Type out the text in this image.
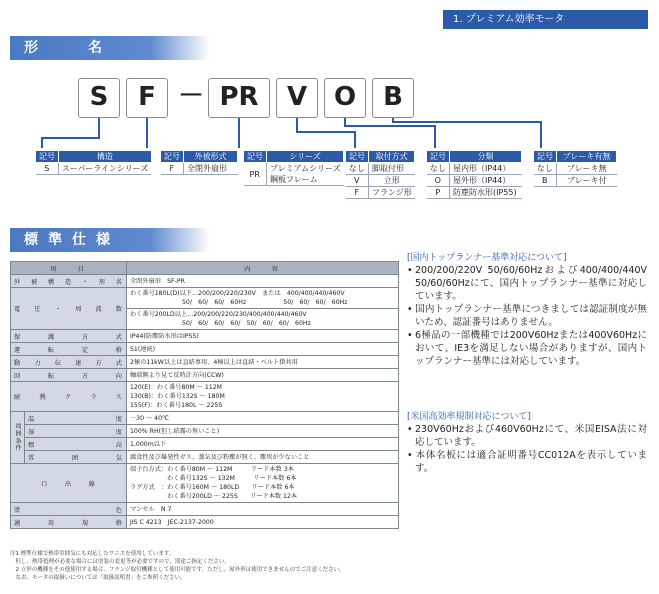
1. プレミアム効率モータ
形　名
S	F － PR	V	O	B
記号	構造
S	スーパーラインシリーズ
記号	外被形式
F	全閉外扇形
記号	シリーズ
PR	プレミアムシリーズ
	鋼板フレーム
記号	取付方式
なし	脚取付形
V	立形
F	フランジ形
記号	分類
なし	屋内形（IP44）
O	屋外形（IP44）
P	防塵防水形(IP55)
記号	ブレーキ有無
なし	ブレーキ無
B	ブレーキ付
標準仕様
項　　目		内　　容
外被構造・形名		全閉外扇形　SF-PR
電圧・周波数		わく番号180L(D)以下…200/200/220/230V　または　400/400/440/460V
50/　60/　60/　60Hz　　　　　　50/　60/　60/　60Hz

		わく番号200LD以上…200/200/220/230/400/400/440/460V
50/　60/　60/　60/　50/　60/　60/　60Hz

保護方式		IP44(防塵防水形はIP55)
運転定格		S1(連続)
動力伝達方式		2極の11kW以上は直結専用、4極以上は直結・ベルト掛共用
回転方向		軸端側より見て反時計方向(CCW)
耐熱クラス		120(E)：わく番号80M ～ 112M
130(B)：わく番号132S ～ 180M
155(F)：わく番号180L ～ 225S

周囲条件	温度	－30 ～ 40℃
	湿度	100% RH(但し結露の無いこと)
	標高	1,000m以下
	雰囲気	腐食性及び爆発性ガス、蒸気及び粉塵が無く、塵埃が少ないこと
口出線		端子台方式：わく番号80M ～ 112M　　　リード本数 3本
　　　　　　わく番号132S ～ 132M　　　リード本数 6本
ラグ方式　：わく番号160M ～ 180LD　　リード本数 6本
　　　　　　わく番号200LD ～ 225S　　リード本数 12本

塗色		マンセル　N 7
適用規格		JIS C 4213　JEC-2137-2000
注1 標準仕様で熱帯雰囲気にも対応したワニスを使用しています。
　但し、熱帯処理が必要な場合には塗装の変更等が必要ですので、別途ご指定ください。
　2 立形の機種をその他使用する場合、フランジ取付機種として使用可能です。ただし、屋外形は使用できませんのでご注意ください。
　なお、モータの取扱いについては「取扱説明書」をご参照ください。
[国内トップランナー基準対応について]
• 200/200/220V 50/60/60Hzおよび400/400/440V 50/60/60Hzにて、国内トップランナー基準に対応しています。
• 国内トップランナー基準につきましては認証制度が無いため、認証番号はありません。
• 6極品の一部機種では200V60Hzまたは400V60Hzにおいて、IE3を満足しない場合がありますが、国内トップランナー基準には対応しています。
[米国高効率規制対応について]
• 230V60Hzおよび460V60Hzにて、米国EISA法に対応しています。
• 本体名板には適合証明番号CC012Aを表示しています。
